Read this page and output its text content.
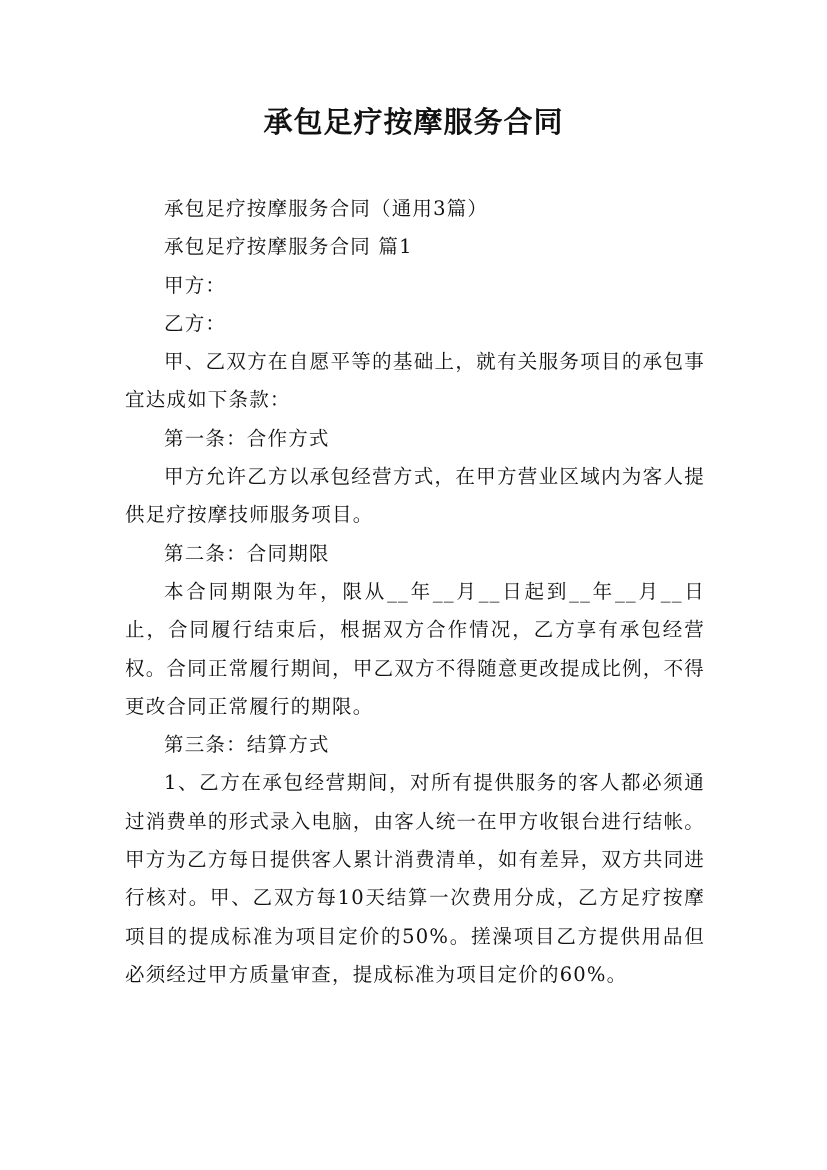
承包足疗按摩服务合同

承包足疗按摩服务合同（通用3篇）

承包足疗按摩服务合同 篇1

甲方：

乙方：

甲、乙双方在自愿平等的基础上，就有关服务项目的承包事宜达成如下条款：

第一条：合作方式

甲方允许乙方以承包经营方式，在甲方营业区域内为客人提供足疗按摩技师服务项目。

第二条：合同期限

本合同期限为年，限从__年__月__日起到__年__月__日止，合同履行结束后，根据双方合作情况，乙方享有承包经营权。合同正常履行期间，甲乙双方不得随意更改提成比例，不得更改合同正常履行的期限。

第三条：结算方式

1、乙方在承包经营期间，对所有提供服务的客人都必须通过消费单的形式录入电脑，由客人统一在甲方收银台进行结帐。甲方为乙方每日提供客人累计消费清单，如有差异，双方共同进行核对。甲、乙双方每10天结算一次费用分成，乙方足疗按摩项目的提成标准为项目定价的50%。搓澡项目乙方提供用品但必须经过甲方质量审查，提成标准为项目定价的60%。
